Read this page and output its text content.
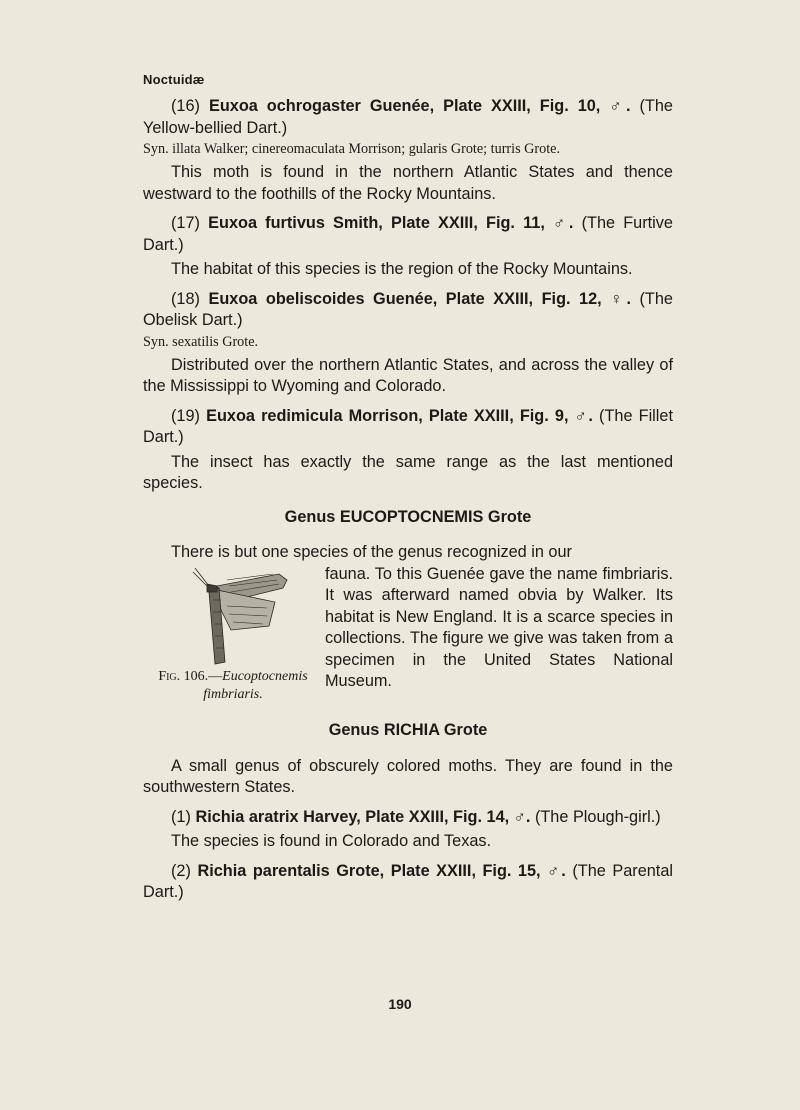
Noctuidæ

(16) Euxoa ochrogaster Guenée, Plate XXIII, Fig. 10, ♂. (The Yellow-bellied Dart.)

Syn. illata Walker; cinereomaculata Morrison; gularis Grote; turris Grote.

This moth is found in the northern Atlantic States and thence westward to the foothills of the Rocky Mountains.

(17) Euxoa furtivus Smith, Plate XXIII, Fig. 11, ♂. (The Furtive Dart.)

The habitat of this species is the region of the Rocky Mountains.

(18) Euxoa obeliscoides Guenée, Plate XXIII, Fig. 12, ♀. (The Obelisk Dart.)

Syn. sexatilis Grote.

Distributed over the northern Atlantic States, and across the valley of the Mississippi to Wyoming and Colorado.

(19) Euxoa redimicula Morrison, Plate XXIII, Fig. 9, ♂. (The Fillet Dart.)

The insect has exactly the same range as the last mentioned species.

Genus EUCOPTOCNEMIS Grote

There is but one species of the genus recognized in our

fauna. To this Guenée gave the name fimbriaris. It was afterward named obvia by Walker. Its habitat is New England. It is a scarce species in collections. The figure we give was taken from a specimen in the United States National Museum.

Fig. 106.—Eucoptocnemis fimbriaris.

Genus RICHIA Grote

A small genus of obscurely colored moths. They are found in the southwestern States.

(1) Richia aratrix Harvey, Plate XXIII, Fig. 14, ♂. (The Plough-girl.)

The species is found in Colorado and Texas.

(2) Richia parentalis Grote, Plate XXIII, Fig. 15, ♂. (The Parental Dart.)

190
